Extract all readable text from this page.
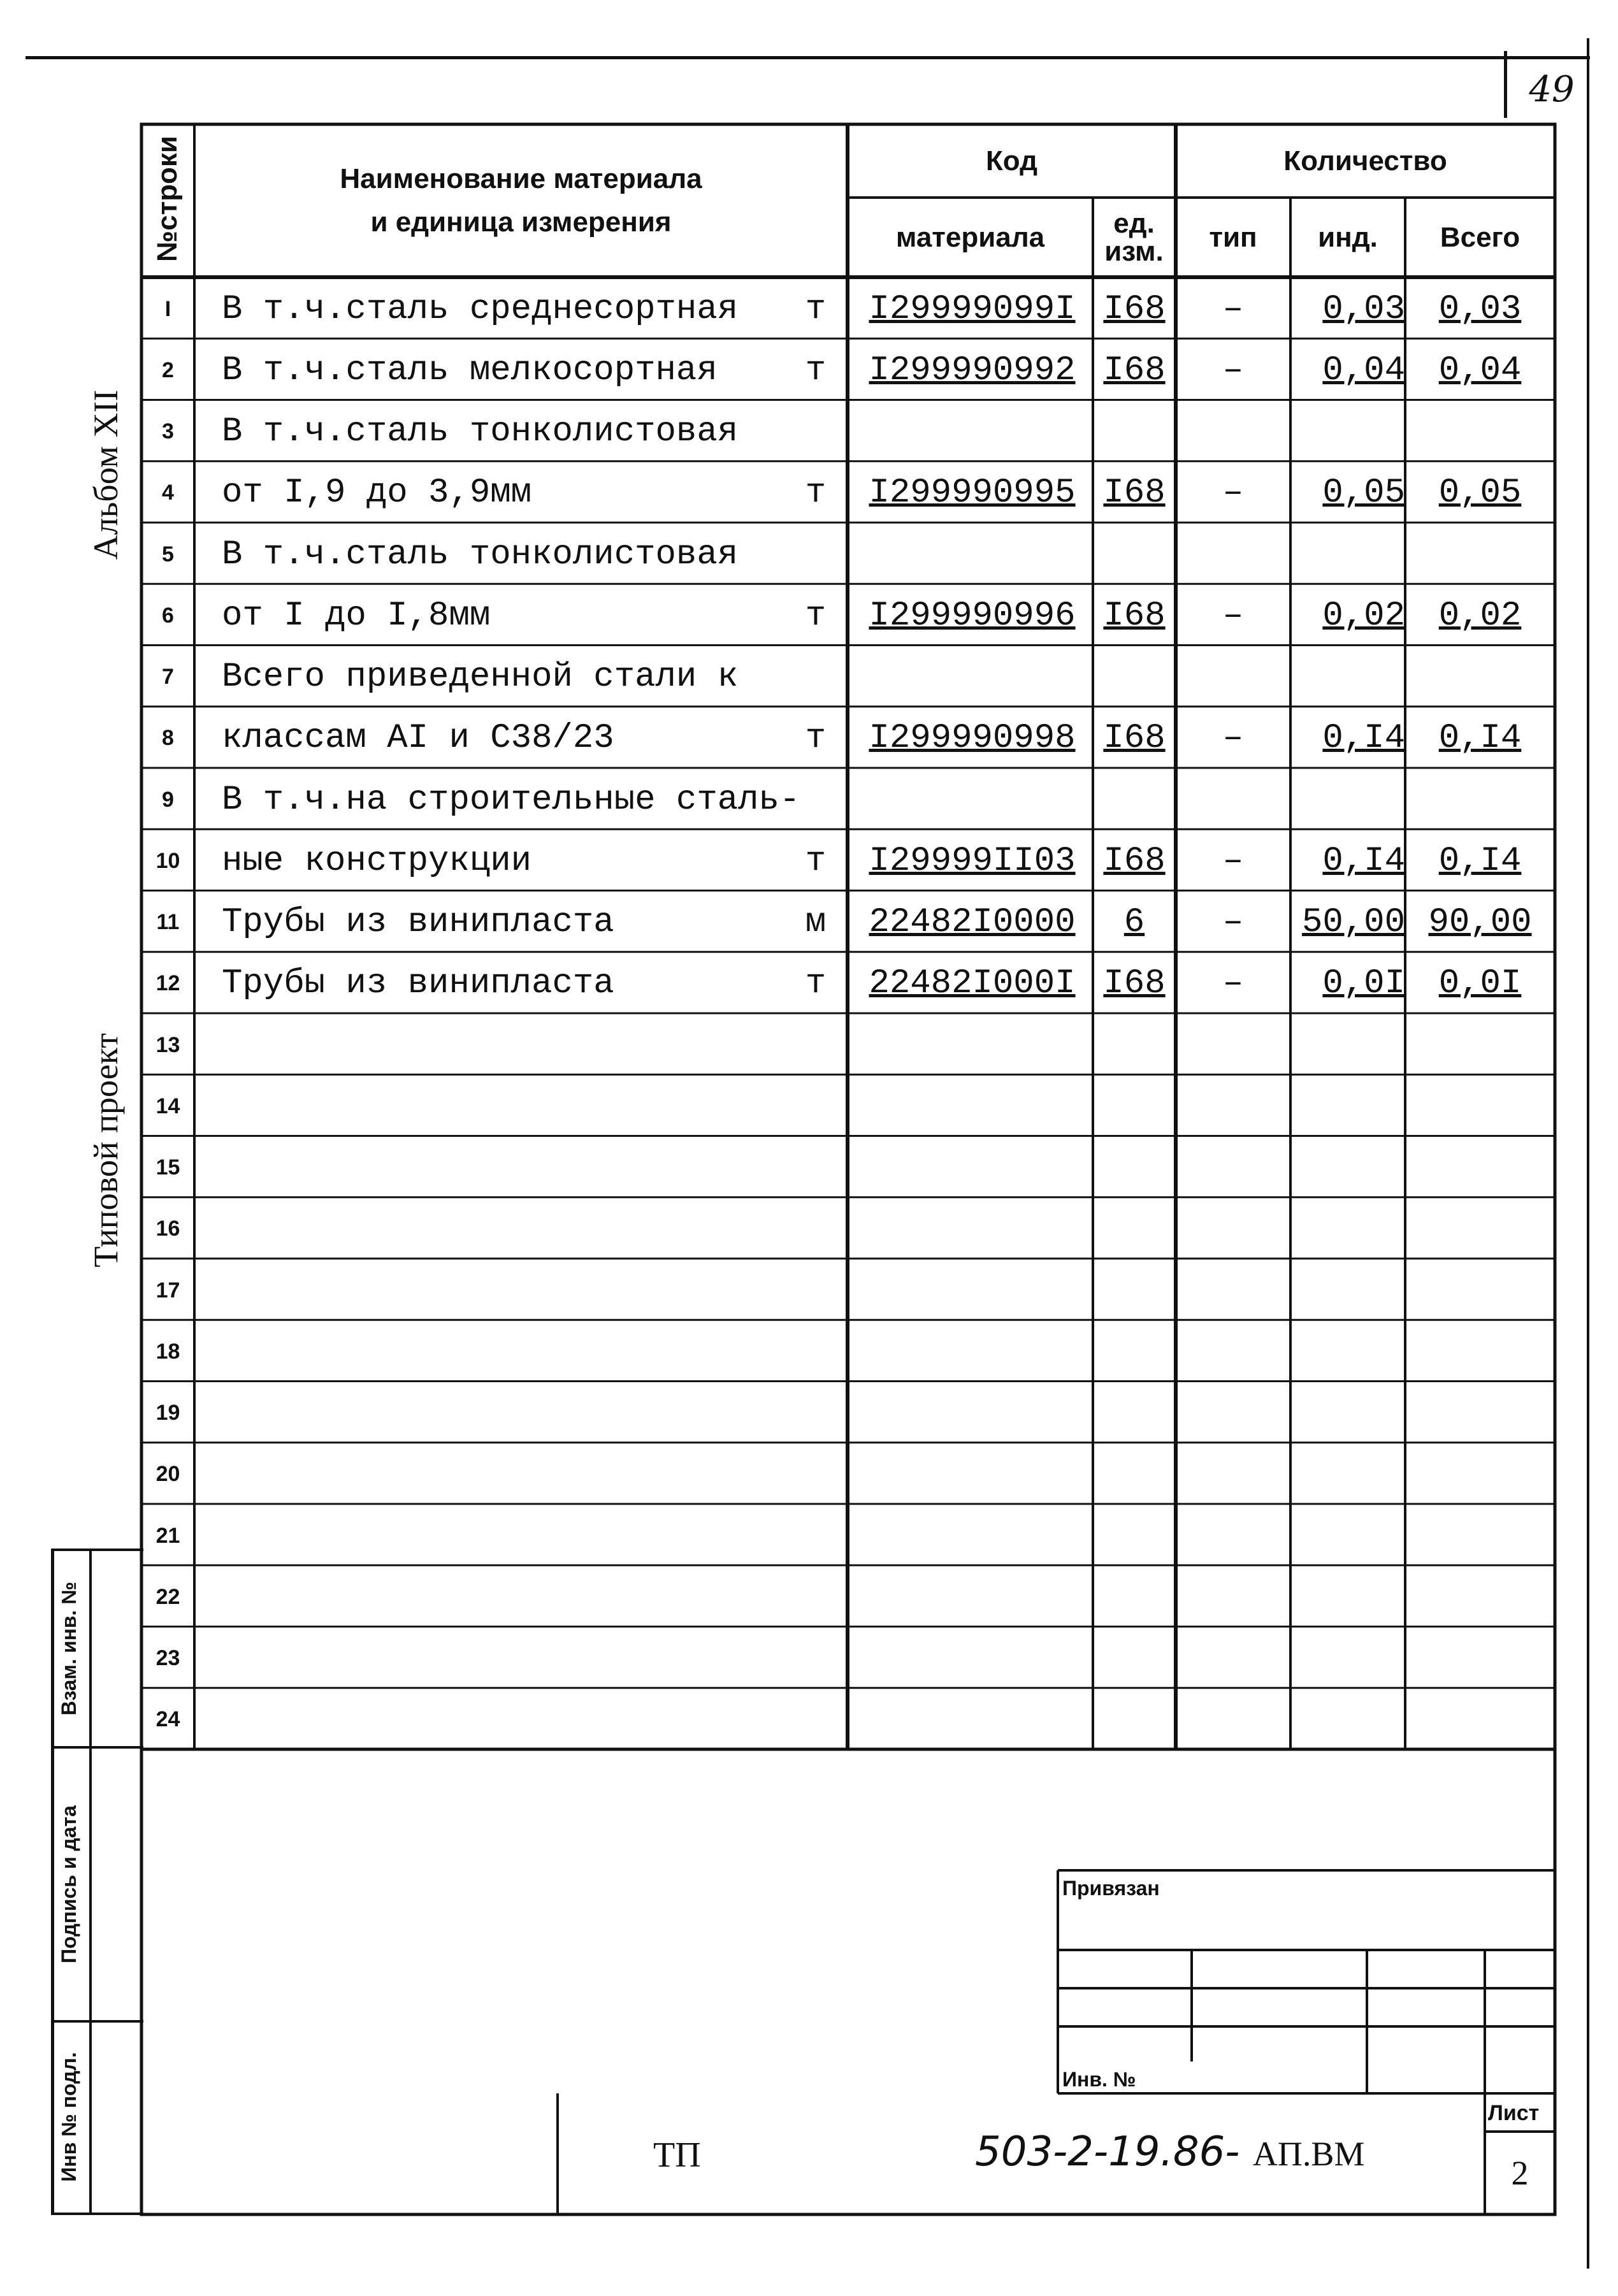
49
Альбом XII
Типовой проект
Взам. инв. №
Подпись и дата
Инв № подл.
№строки	Наименование материала
и единица измерения
Код
материала	ед. изм.
Количество
тип	инд.	Всего
I	В т.ч.сталь среднесортная	т	I29999099I I68	–	0,03 0,03
2	В т.ч.сталь мелкосортная	т	I299990992 I68	–	0,04 0,04
3	В т.ч.сталь тонколистовая
4	от I,9 до 3,9мм	т	I299990995 I68	–	0,05 0,05
5	В т.ч.сталь тонколистовая
6	от I до I,8мм	т	I299990996 I68	–	0,02 0,02
7	Всего приведенной стали к
8	классам AI и С38/23	т	I299990998 I68	–	0,I4 0,I4
9	В т.ч.на строительные сталь-
10	ные конструкции	т	I29999II03 I68	–	0,I4 0,I4
11	Трубы из винипласта	м	22482I0000	6	–	50,00 90,00
12	Трубы из винипласта	т	22482I000I I68	–	0,0I 0,0I
13
14
15
16
17
18
19
20
21
22
23
24
Привязан
Инв. №
ТП	503-2-19.86- АП.ВМ
Лист
2
